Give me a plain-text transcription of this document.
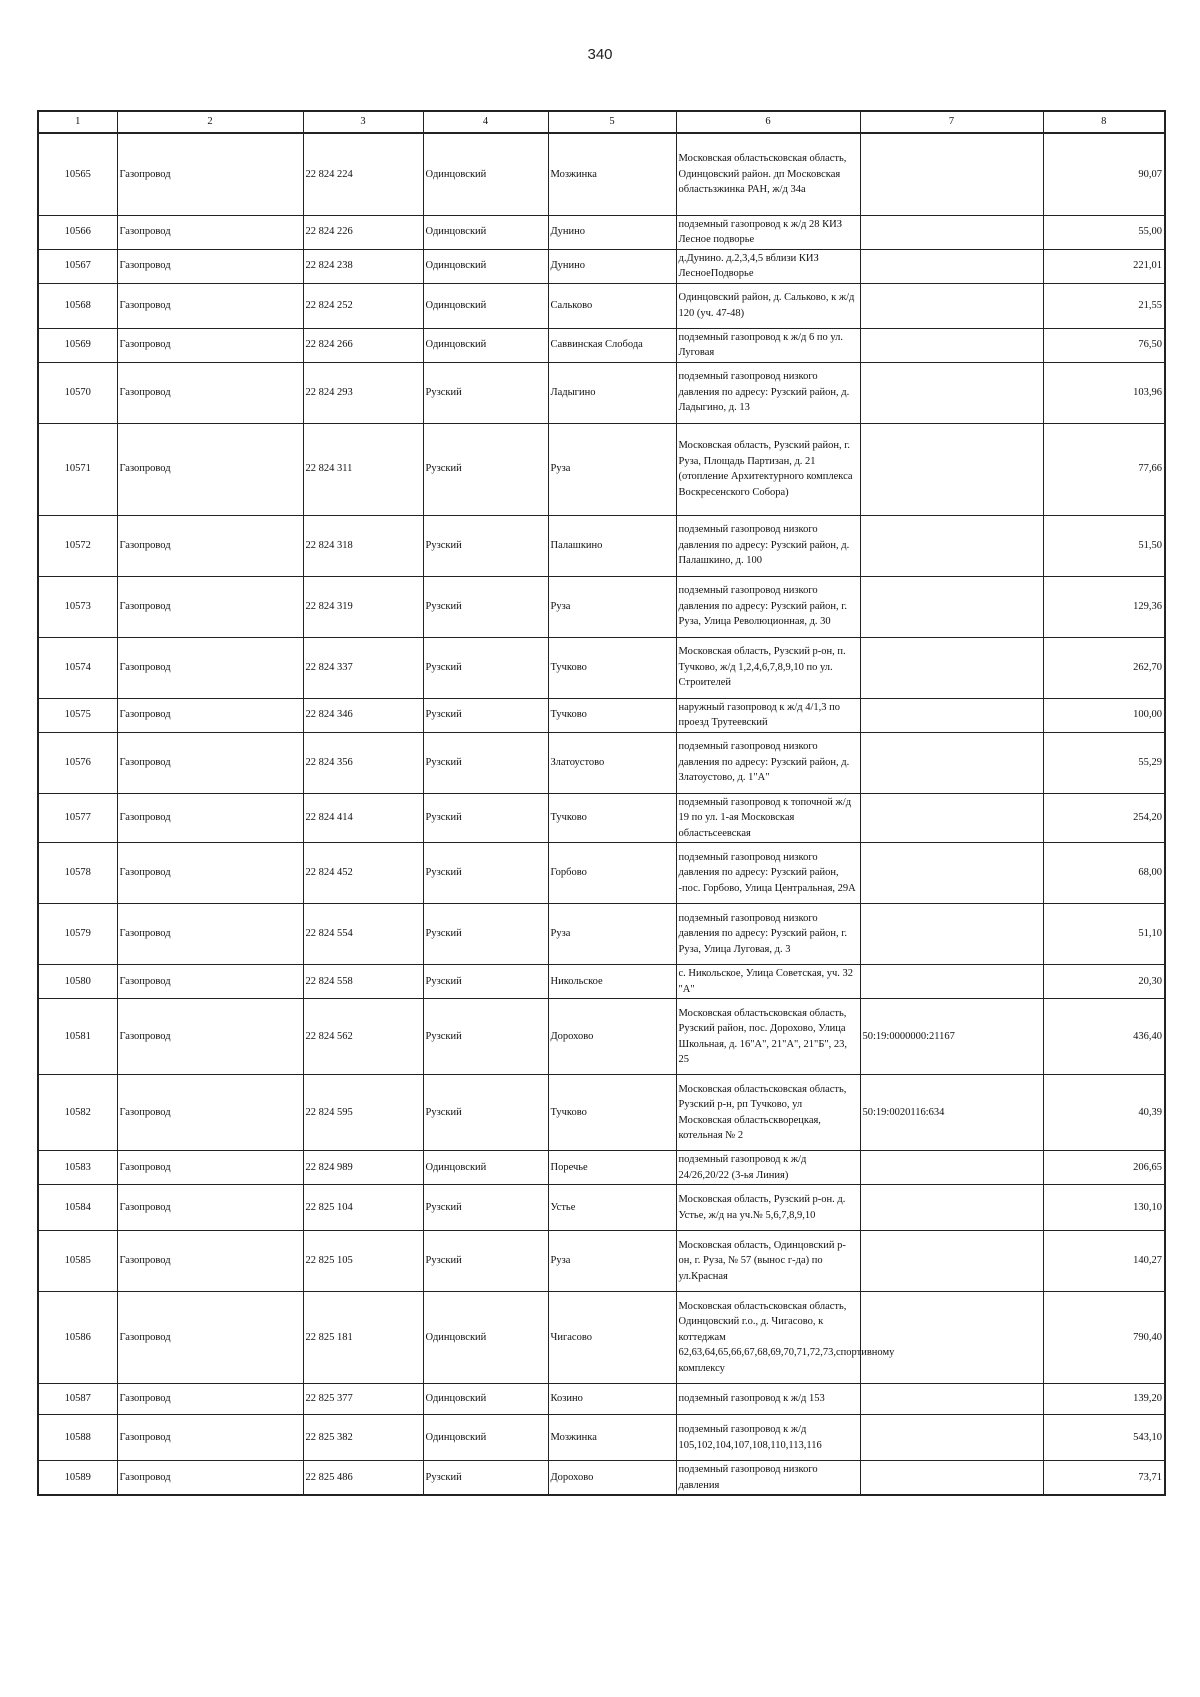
340
1	2	3	4	5	6	7	8
10565	Газопровод	22 824 224	Одинцовский	Мозжинка	Московская областьсковская область, Одинцовский район. дп Московская областьзжинка РАН, ж/д 34а		90,07
10566	Газопровод	22 824 226	Одинцовский	Дунино	подземный газопровод к ж/д 28 КИЗ Лесное подворье		55,00
10567	Газопровод	22 824 238	Одинцовский	Дунино	д.Дунино. д.2,3,4,5 вблизи КИЗ ЛесноеПодворье		221,01
10568	Газопровод	22 824 252	Одинцовский	Сальково	Одинцовский район, д. Сальково, к ж/д 120 (уч. 47-48)		21,55
10569	Газопровод	22 824 266	Одинцовский	Саввинская Слобода	подземный газопровод к ж/д 6 по ул. Луговая		76,50
10570	Газопровод	22 824 293	Рузский	Ладыгино	подземный газопровод низкого давления по адресу: Рузский район, д. Ладыгино, д. 13		103,96
10571	Газопровод	22 824 311	Рузский	Руза	Московская область, Рузский район, г. Руза, Площадь Партизан, д. 21 (отопление Архитектурного комплекса Воскресенского Собора)		77,66
10572	Газопровод	22 824 318	Рузский	Палашкино	подземный газопровод низкого давления по адресу: Рузский район, д. Палашкино, д. 100		51,50
10573	Газопровод	22 824 319	Рузский	Руза	подземный газопровод низкого давления по адресу: Рузский район, г. Руза, Улица Революционная, д. 30		129,36
10574	Газопровод	22 824 337	Рузский	Тучково	Московская область, Рузский р-он, п. Тучково, ж/д 1,2,4,6,7,8,9,10 по ул. Строителей		262,70
10575	Газопровод	22 824 346	Рузский	Тучково	наружный газопровод к ж/д 4/1,3 по проезд Трутеевский		100,00
10576	Газопровод	22 824 356	Рузский	Златоустово	подземный газопровод низкого давления по адресу: Рузский район, д. Златоустово, д. 1"А"		55,29
10577	Газопровод	22 824 414	Рузский	Тучково	подземный газопровод к топочной ж/д 19 по ул. 1-ая Московская областьсеевская		254,20
10578	Газопровод	22 824 452	Рузский	Горбово	подземный газопровод низкого давления по адресу: Рузский район, -пос. Горбово, Улица Центральная, 29А		68,00
10579	Газопровод	22 824 554	Рузский	Руза	подземный газопровод низкого давления по адресу: Рузский район, г. Руза, Улица Луговая, д. 3		51,10
10580	Газопровод	22 824 558	Рузский	Никольское	с. Никольское, Улица Советская, уч. 32 "А"		20,30
10581	Газопровод	22 824 562	Рузский	Дорохово	Московская областьсковская область, Рузский район, пос. Дорохово, Улица Школьная, д. 16"А", 21"А", 21"Б", 23, 25	50:19:0000000:21167	436,40
10582	Газопровод	22 824 595	Рузский	Тучково	Московская областьсковская область, Рузский р-н, рп Тучково, ул Московская областьскворецкая, котельная № 2	50:19:0020116:634	40,39
10583	Газопровод	22 824 989	Одинцовский	Поречье	подземный газопровод к ж/д 24/26,20/22 (3-ья Линия)		206,65
10584	Газопровод	22 825 104	Рузский	Устье	Московская область, Рузский р-он. д. Устье, ж/д на уч.№ 5,6,7,8,9,10		130,10
10585	Газопровод	22 825 105	Рузский	Руза	Московская область, Одинцовский р-он, г. Руза, № 57 (вынос г-да) по ул.Красная		140,27
10586	Газопровод	22 825 181	Одинцовский	Чигасово	Московская областьсковская область, Одинцовский г.о., д. Чигасово, к коттеджам 62,63,64,65,66,67,68,69,70,71,72,73,спортивному комплексу		790,40
10587	Газопровод	22 825 377	Одинцовский	Козино	подземный газопровод к ж/д 153		139,20
10588	Газопровод	22 825 382	Одинцовский	Мозжинка	подземный газопровод к ж/д 105,102,104,107,108,110,113,116		543,10
10589	Газопровод	22 825 486	Рузский	Дорохово	подземный газопровод низкого давления		73,71
